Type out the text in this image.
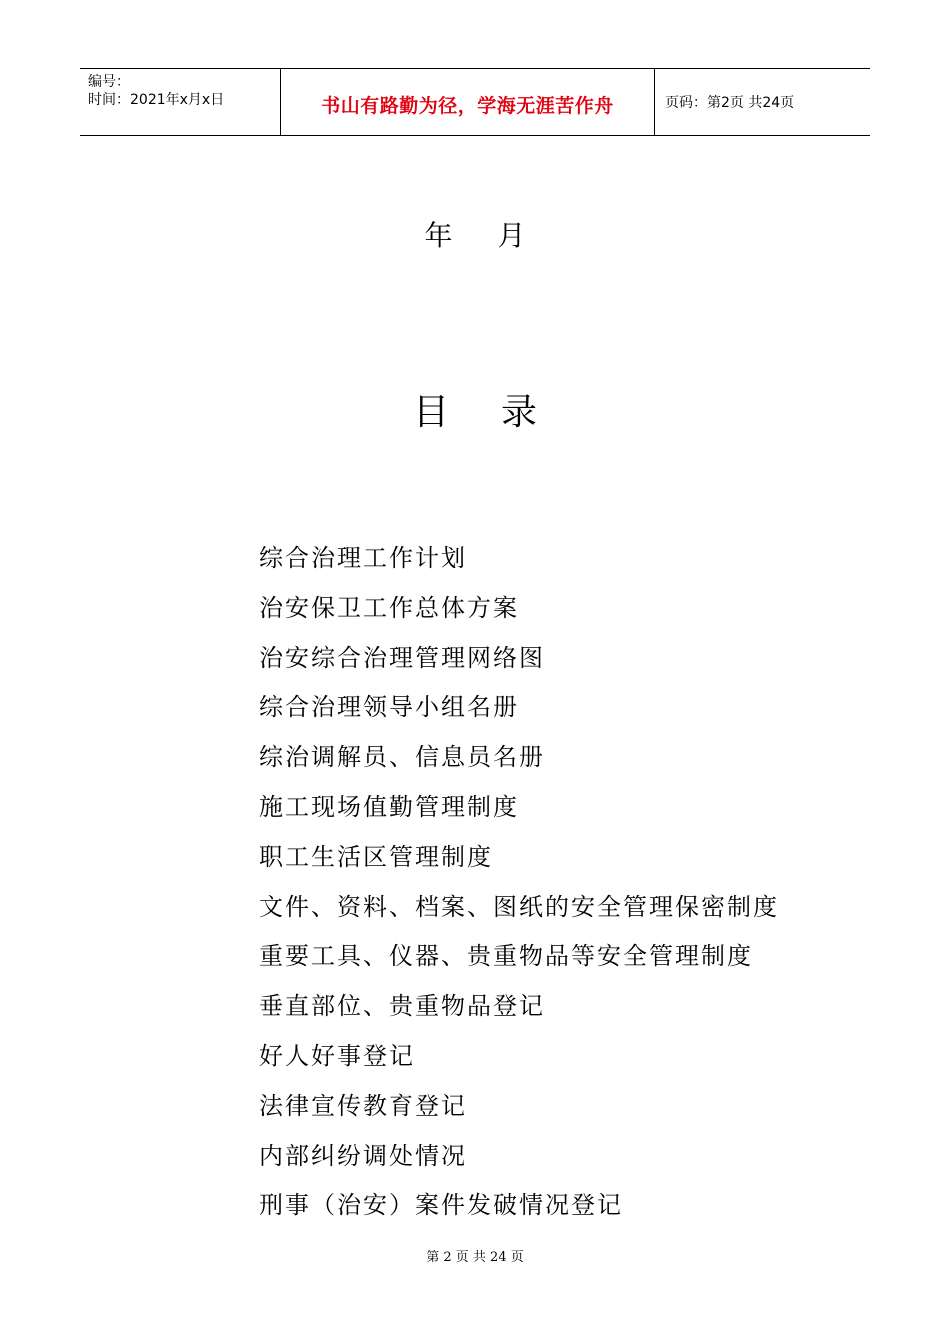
编号：
时间：2021年x月x日	书山有路勤为径，学海无涯苦作舟	页码：第2页 共24页
年 月
目 录
综合治理工作计划
治安保卫工作总体方案
治安综合治理管理网络图
综合治理领导小组名册
综治调解员、信息员名册
施工现场值勤管理制度
职工生活区管理制度
文件、资料、档案、图纸的安全管理保密制度
重要工具、仪器、贵重物品等安全管理制度
垂直部位、贵重物品登记
好人好事登记
法律宣传教育登记
内部纠纷调处情况
刑事（治安）案件发破情况登记
第 2 页 共 24 页
